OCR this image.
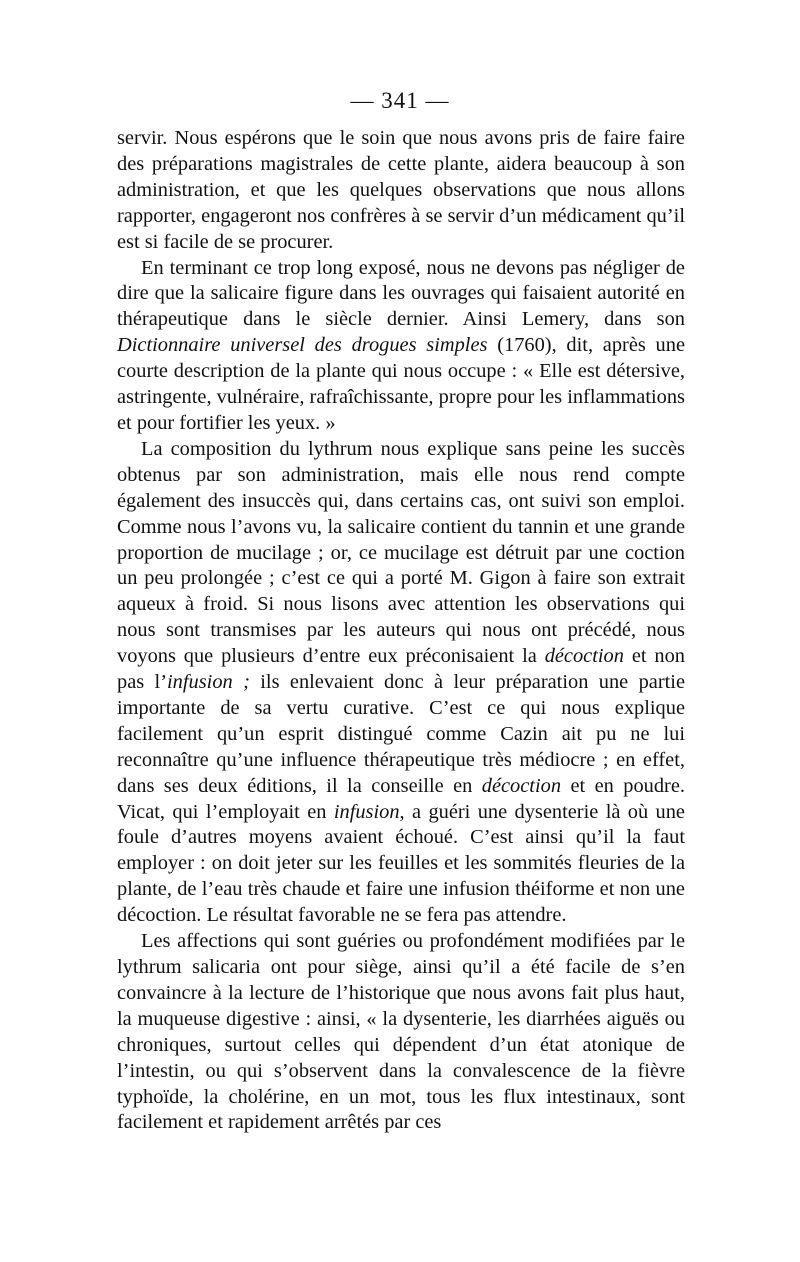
— 341 —

servir. Nous espérons que le soin que nous avons pris de faire faire des préparations magistrales de cette plante, aidera beaucoup à son administration, et que les quelques observations que nous allons rapporter, engageront nos confrères à se servir d’un médicament qu’il est si facile de se procurer.

En terminant ce trop long exposé, nous ne devons pas négliger de dire que la salicaire figure dans les ouvrages qui faisaient autorité en thérapeutique dans le siècle dernier. Ainsi Lemery, dans son Dictionnaire universel des drogues simples (1760), dit, après une courte description de la plante qui nous occupe : « Elle est détersive, astringente, vulnéraire, rafraîchissante, propre pour les inflammations et pour fortifier les yeux. »

La composition du lythrum nous explique sans peine les succès obtenus par son administration, mais elle nous rend compte également des insuccès qui, dans certains cas, ont suivi son emploi. Comme nous l’avons vu, la salicaire contient du tannin et une grande proportion de mucilage ; or, ce mucilage est détruit par une coction un peu prolongée ; c’est ce qui a porté M. Gigon à faire son extrait aqueux à froid. Si nous lisons avec attention les observations qui nous sont transmises par les auteurs qui nous ont précédé, nous voyons que plusieurs d’entre eux préconisaient la décoction et non pas l’infusion ; ils enlevaient donc à leur préparation une partie importante de sa vertu curative. C’est ce qui nous explique facilement qu’un esprit distingué comme Cazin ait pu ne lui reconnaître qu’une influence thérapeutique très médiocre ; en effet, dans ses deux éditions, il la conseille en décoction et en poudre. Vicat, qui l’employait en infusion, a guéri une dysenterie là où une foule d’autres moyens avaient échoué. C’est ainsi qu’il la faut employer : on doit jeter sur les feuilles et les sommités fleuries de la plante, de l’eau très chaude et faire une infusion théiforme et non une décoction. Le résultat favorable ne se fera pas attendre.

Les affections qui sont guéries ou profondément modifiées par le lythrum salicaria ont pour siège, ainsi qu’il a été facile de s’en convaincre à la lecture de l’historique que nous avons fait plus haut, la muqueuse digestive : ainsi, « la dysenterie, les diarrhées aiguës ou chroniques, surtout celles qui dépendent d’un état atonique de l’intestin, ou qui s’observent dans la convalescence de la fièvre typhoïde, la cholérine, en un mot, tous les flux intestinaux, sont facilement et rapidement arrêtés par ces
